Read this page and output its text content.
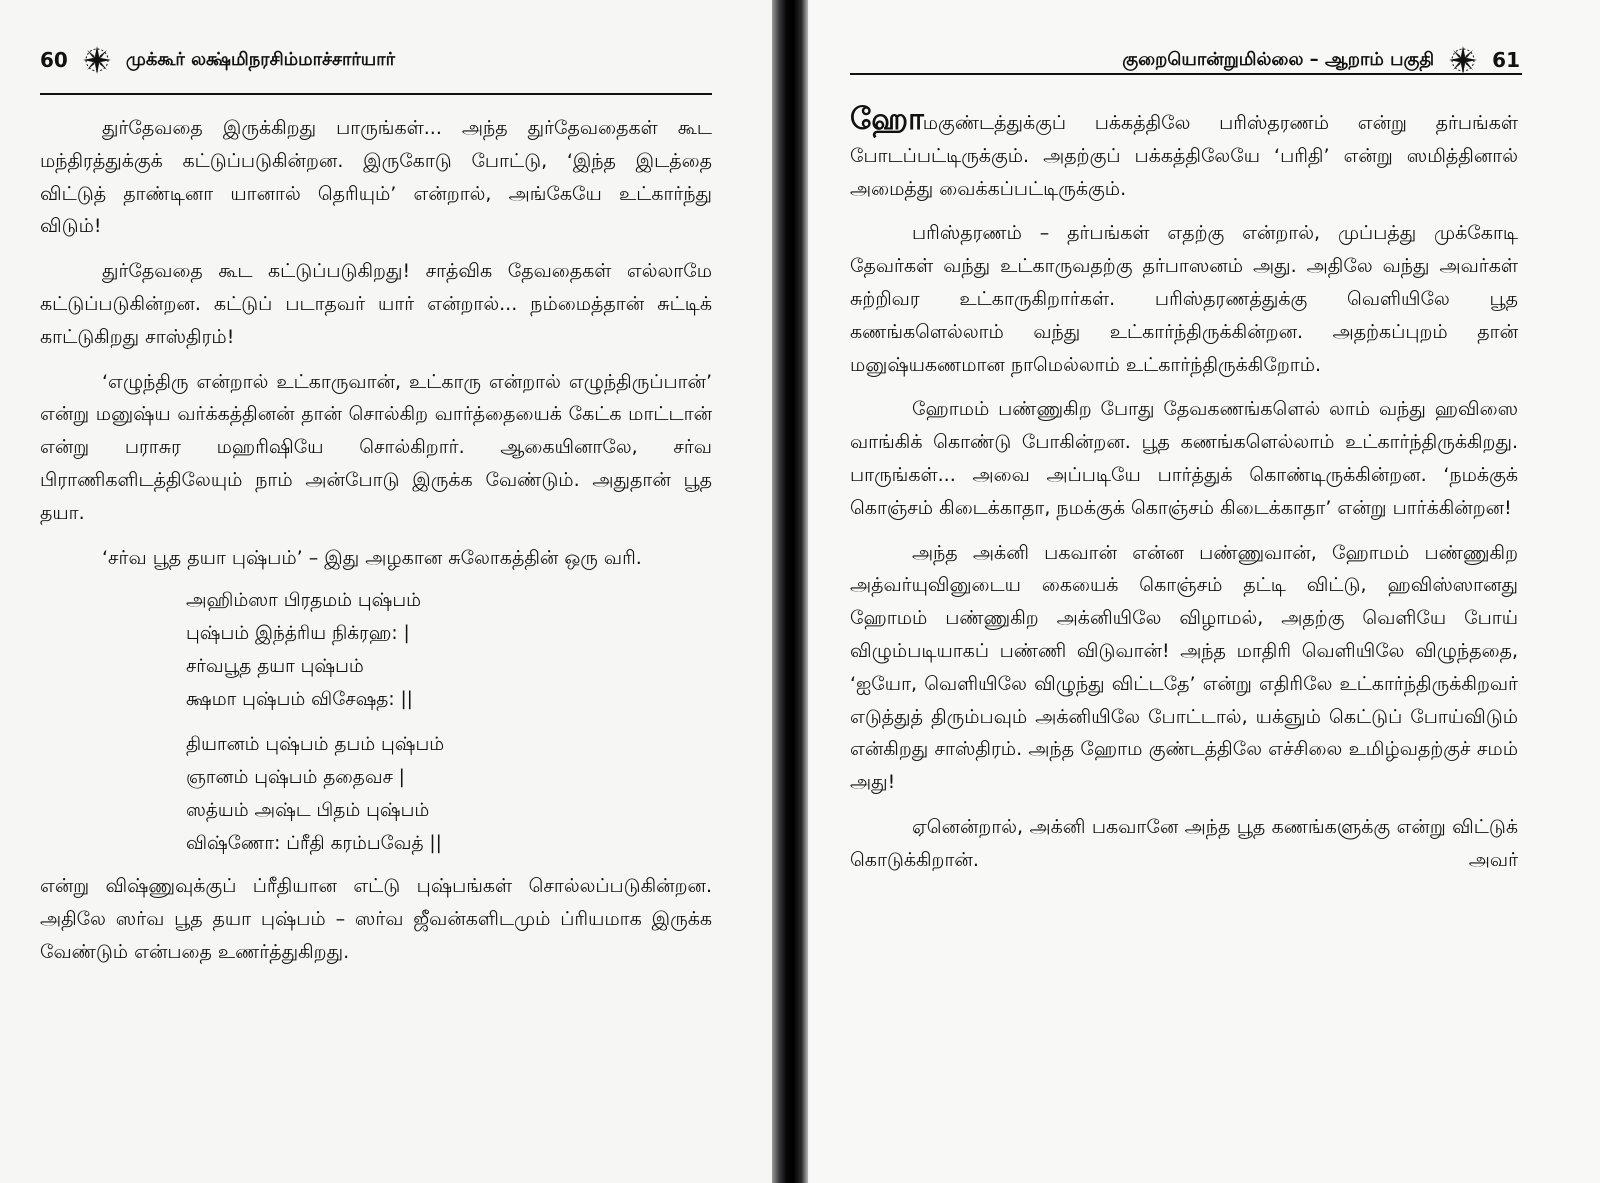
60	முக்கூர் லக்ஷ்மிநரசிம்மாச்சார்யார்

துர்தேவதை இருக்கிறது பாருங்கள்... அந்த துர்தேவதைகள் கூட மந்திரத்துக்குக் கட்டுப்படுகின்றன. இருகோடு போட்டு, ‘இந்த இடத்தை விட்டுத் தாண்டினா யானால் தெரியும்’ என்றால், அங்கேயே உட்கார்ந்து விடும்!

துர்தேவதை கூட கட்டுப்படுகிறது! சாத்விக தேவதைகள் எல்லாமே கட்டுப்படுகின்றன. கட்டுப் படாதவர் யார் என்றால்... நம்மைத்தான் சுட்டிக் காட்டுகிறது சாஸ்திரம்!

‘எழுந்திரு என்றால் உட்காருவான், உட்காரு என்றால் எழுந்திருப்பான்’ என்று மனுஷ்ய வர்க்கத்தினன் தான் சொல்கிற வார்த்தையைக் கேட்க மாட்டான் என்று பராசுர மஹரிஷியே சொல்கிறார். ஆகையினாலே, சர்வ பிராணிகளிடத்திலேயும் நாம் அன்போடு இருக்க வேண்டும். அதுதான் பூத தயா.

‘சர்வ பூத தயா புஷ்பம்’ – இது அழகான சுலோகத்தின் ஒரு வரி.

அஹிம்ஸா பிரதமம் புஷ்பம்
புஷ்பம் இந்த்ரிய நிக்ரஹ: |
சர்வபூத தயா புஷ்பம்
க்ஷமா புஷ்பம் விசேஷத: ||
தியானம் புஷ்பம் தபம் புஷ்பம்
ஞானம் புஷ்பம் ததைவச |
ஸத்யம் அஷ்ட பிதம் புஷ்பம்
விஷ்ணோ: ப்ரீதி கரம்பவேத் ||

என்று விஷ்ணுவுக்குப் ப்ரீதியான எட்டு புஷ்பங்கள் சொல்லப்படுகின்றன. அதிலே ஸர்வ பூத தயா புஷ்பம் – ஸர்வ ஜீவன்களிடமும் ப்ரியமாக இருக்க வேண்டும் என்பதை உணர்த்துகிறது.

குறையொன்றுமில்லை – ஆறாம் பகுதி	61

ஹோமகுண்டத்துக்குப் பக்கத்திலே பரிஸ்தரணம் என்று தர்பங்கள் போடப்பட்டிருக்கும். அதற்குப் பக்கத்திலேயே ‘பரிதி’ என்று ஸமித்தினால் அமைத்து வைக்கப்பட்டிருக்கும்.

பரிஸ்தரணம் – தர்பங்கள் எதற்கு என்றால், முப்பத்து முக்கோடி தேவர்கள் வந்து உட்காருவதற்கு தர்பாஸனம் அது. அதிலே வந்து அவர்கள் சுற்றிவர உட்காருகிறார்கள். பரிஸ்தரணத்துக்கு வெளியிலே பூத கணங்களெல்லாம் வந்து உட்கார்ந்திருக்கின்றன. அதற்கப்புறம் தான் மனுஷ்யகணமான நாமெல்லாம் உட்கார்ந்திருக்கிறோம்.

ஹோமம் பண்ணுகிற போது தேவகணங்களெல் லாம் வந்து ஹவிஸை வாங்கிக் கொண்டு போகின்றன. பூத கணங்களெல்லாம் உட்கார்ந்திருக்கிறது. பாருங்கள்... அவை அப்படியே பார்த்துக் கொண்டிருக்கின்றன. ‘நமக்குக் கொஞ்சம் கிடைக்காதா, நமக்குக் கொஞ்சம் கிடைக்காதா’ என்று பார்க்கின்றன!

அந்த அக்னி பகவான் என்ன பண்ணுவான், ஹோமம் பண்ணுகிற அத்வர்யுவினுடைய கையைக் கொஞ்சம் தட்டி விட்டு, ஹவிஸ்ஸானது ஹோமம் பண்ணுகிற அக்னியிலே விழாமல், அதற்கு வெளியே போய் விழும்படியாகப் பண்ணி விடுவான்! அந்த மாதிரி வெளியிலே விழுந்ததை, ‘ஐயோ, வெளியிலே விழுந்து விட்டதே’ என்று எதிரிலே உட்கார்ந்திருக்கிறவர் எடுத்துத் திரும்பவும் அக்னியிலே போட்டால், யக்ஞும் கெட்டுப் போய்விடும் என்கிறது சாஸ்திரம். அந்த ஹோம குண்டத்திலே எச்சிலை உமிழ்வதற்குச் சமம் அது!

ஏனென்றால், அக்னி பகவானே அந்த பூத கணங்களுக்கு என்று விட்டுக் கொடுக்கிறான். அவர்
